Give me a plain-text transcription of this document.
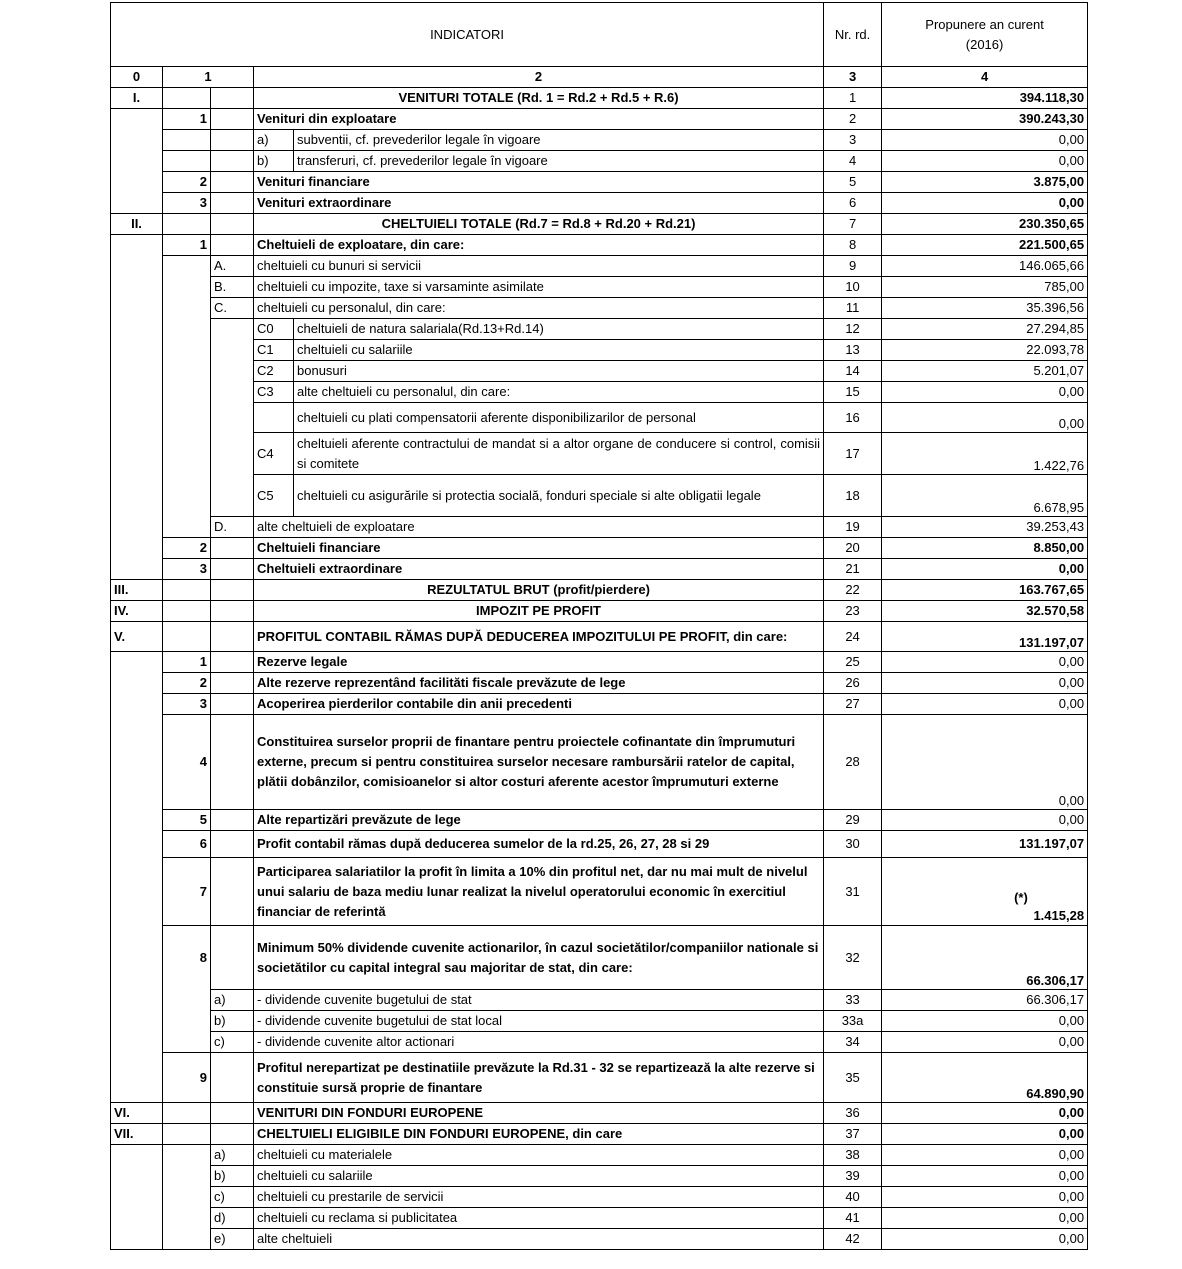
INDICATORI					Nr. rd.	Propunere an curent
(2016)
0	1		2		3	4
I.			VENITURI TOTALE (Rd. 1 = Rd.2 + Rd.5 + R.6)		1	394.118,30
	1		Venituri din exploatare		2	390.243,30
			a)	subventii, cf. prevederilor legale în vigoare	3	0,00
			b)	transferuri, cf. prevederilor legale în vigoare	4	0,00
	2		Venituri financiare		5	3.875,00
	3		Venituri extraordinare		6	0,00
II.			CHELTUIELI TOTALE (Rd.7 = Rd.8 + Rd.20 + Rd.21)		7	230.350,65
	1		Cheltuieli de exploatare, din care:		8	221.500,65
		A.	cheltuieli cu bunuri si servicii		9	146.065,66
		B.	cheltuieli cu impozite, taxe si varsaminte asimilate		10	785,00
		C.	cheltuieli cu personalul, din care:		11	35.396,56
			C0	cheltuieli de natura salariala(Rd.13+Rd.14)	12	27.294,85
			C1	cheltuieli cu salariile	13	22.093,78
			C2	bonusuri	14	5.201,07
			C3	alte cheltuieli cu personalul, din care:	15	0,00
				cheltuieli cu plati compensatorii aferente disponibilizarilor de personal	16	0,00
			C4	cheltuieli aferente contractului de mandat si a altor organe de conducere si control, comisii si comitete	17	1.422,76
			C5	cheltuieli cu asigurările si protectia socială, fonduri speciale si alte obligatii legale	18	6.678,95
		D.	alte cheltuieli de exploatare		19	39.253,43
	2		Cheltuieli financiare		20	8.850,00
	3		Cheltuieli extraordinare		21	0,00
III.			REZULTATUL BRUT (profit/pierdere)		22	163.767,65
IV.			IMPOZIT PE PROFIT		23	32.570,58
V.			PROFITUL CONTABIL RĂMAS DUPĂ DEDUCEREA IMPOZITULUI PE PROFIT, din care:		24	131.197,07
	1		Rezerve legale		25	0,00
	2		Alte rezerve reprezentând facilităti fiscale prevăzute de lege		26	0,00
	3		Acoperirea pierderilor contabile din anii precedenti		27	0,00
	4		Constituirea surselor proprii de finantare pentru proiectele cofinantate din împrumuturi externe, precum si pentru constituirea surselor necesare rambursării ratelor de capital, plătii dobânzilor, comisioanelor si altor costuri aferente acestor împrumuturi externe		28	0,00
	5		Alte repartizări prevăzute de lege		29	0,00
	6		Profit contabil rămas după deducerea sumelor de la rd.25, 26, 27, 28 si 29		30	131.197,07
	7		Participarea salariatilor la profit în limita a 10% din profitul net, dar nu mai mult de nivelul unui salariu de baza mediu lunar realizat la nivelul operatorului economic în exercitiul financiar de referintă		31	(*)
1.415,28
	8		Minimum 50% dividende cuvenite actionarilor, în cazul societătilor/companiilor nationale si societătilor cu capital integral sau majoritar de stat, din care:		32	66.306,17
		a)	- dividende cuvenite bugetului de stat		33	66.306,17
		b)	- dividende cuvenite bugetului de stat local		33a	0,00
		c)	- dividende cuvenite altor actionari		34	0,00
	9		Profitul nerepartizat pe destinatiile prevăzute la Rd.31 - 32 se repartizează la alte rezerve si constituie sursă proprie de finantare		35	64.890,90
VI.			VENITURI DIN FONDURI EUROPENE		36	0,00
VII.			CHELTUIELI ELIGIBILE DIN FONDURI EUROPENE, din care		37	0,00
		a)	cheltuieli cu materialele		38	0,00
		b)	cheltuieli cu salariile		39	0,00
		c)	cheltuieli cu prestarile de servicii		40	0,00
		d)	cheltuieli cu reclama si publicitatea		41	0,00
		e)	alte cheltuieli		42	0,00
